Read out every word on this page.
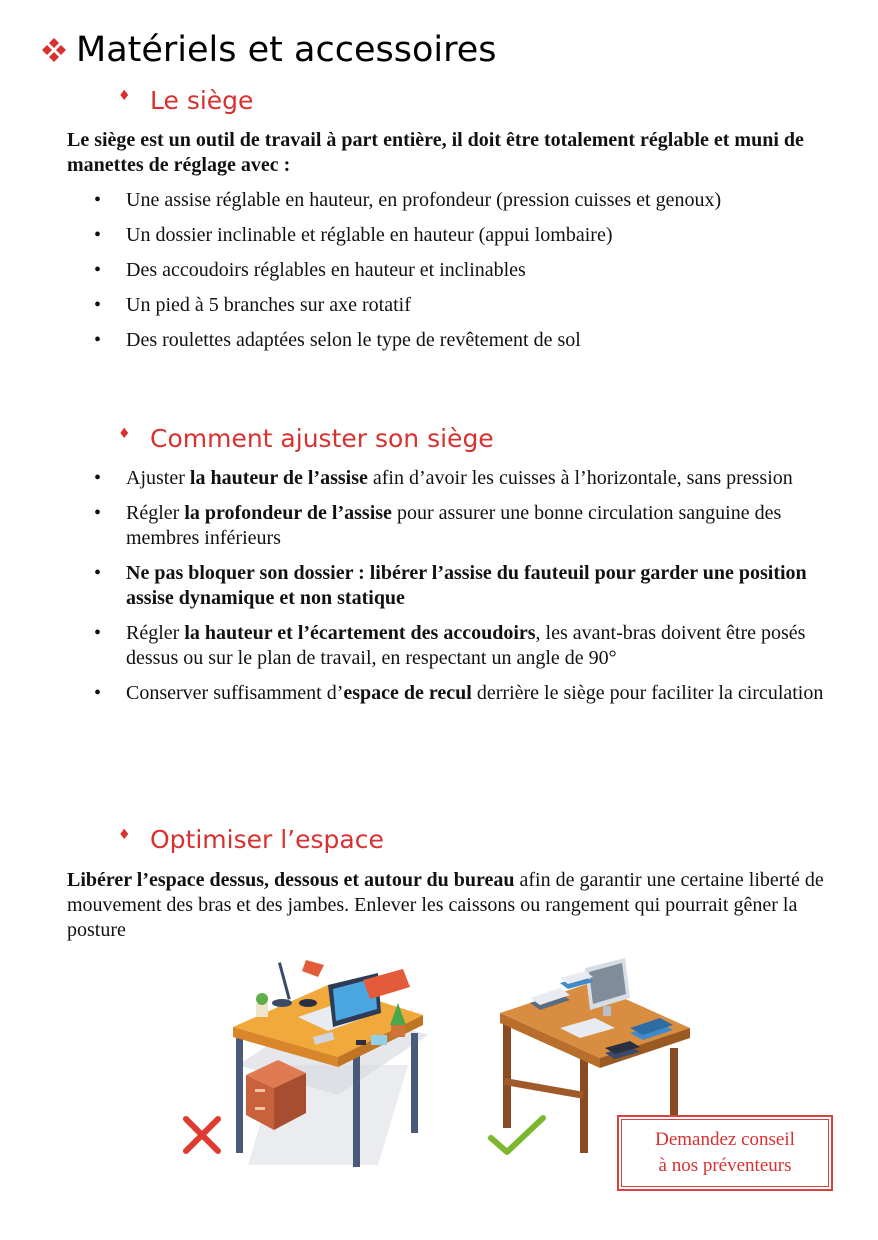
Matériels et accessoires
♦ Le siège

Le siège est un outil de travail à part entière, il doit être totalement réglable et muni de manettes de réglage avec :

• Une assise réglable en hauteur, en profondeur (pression cuisses et genoux)
• Un dossier inclinable et réglable en hauteur (appui lombaire)
• Des accoudoirs réglables en hauteur et inclinables
• Un pied à 5 branches sur axe rotatif
• Des roulettes adaptées selon le type de revêtement de sol
♦ Comment ajuster son siège
• Ajuster la hauteur de l’assise afin d’avoir les cuisses à l’horizontale, sans pression
• Régler la profondeur de l’assise pour assurer une bonne circulation sanguine des membres inférieurs
• Ne pas bloquer son dossier : libérer l’assise du fauteuil pour garder une position assise dynamique et non statique
• Régler la hauteur et l’écartement des accoudoirs, les avant-bras doivent être posés dessus ou sur le plan de travail, en respectant un angle de 90°
• Conserver suffisamment d’espace de recul derrière le siège pour faciliter la circulation
♦ Optimiser l’espace

Libérer l’espace dessus, dessous et autour du bureau afin de garantir une certaine liberté de mouvement des bras et des jambes. Enlever les caissons ou rangement qui pourrait gêner la posture

Demandez conseil
à nos préventeurs
